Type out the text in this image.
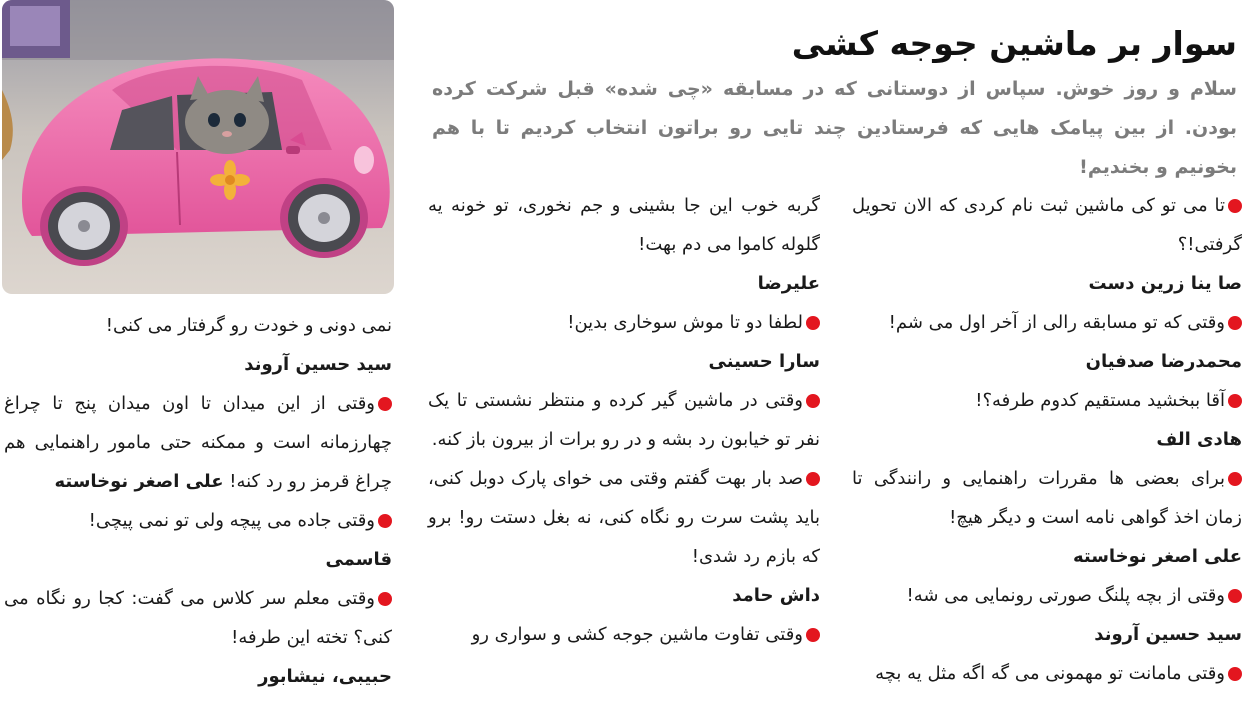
سوار بر ماشین جوجه کشی
سلام و روز خوش. سپاس از دوستانی که در مسابقه «چی شده» قبل شرکت کرده بودن. از بین پیامک هایی که فرستادین چند تایی رو براتون انتخاب کردیم تا با هم بخونیم و بخندیم!

تا می تو کی ماشین ثبت نام کردی که الان تحویل گرفتی!؟

صا ینا زرین دست

وقتی که تو مسابقه رالی از آخر اول می شم!

محمدرضا صدفیان

آقا ببخشید مستقیم کدوم طرفه؟!

هادی الف

برای بعضی ها مقررات راهنمایی و رانندگی تا زمان اخذ گواهی نامه است و دیگر هیچ!

علی اصغر نوخاسته

وقتی از بچه پلنگ صورتی رونمایی می شه!

سید حسین آروند

وقتی مامانت تو مهمونی می گه اگه مثل یه بچه

گربه خوب این جا بشینی و جم نخوری، تو خونه یه گلوله کاموا می دم بهت!

علیرضا

لطفا دو تا موش سوخاری بدین!

سارا حسینی

وقتی در ماشین گیر کرده و منتظر نشستی تا یک نفر تو خیابون رد بشه و در رو برات از بیرون باز کنه.

صد بار بهت گفتم وقتی می خوای پارک دوبل کنی، باید پشت سرت رو نگاه کنی، نه بغل دستت رو! برو که بازم رد شدی!

داش حامد

وقتی تفاوت ماشین جوجه کشی و سواری رو

نمی دونی و خودت رو گرفتار می کنی!

سید حسین آروند

وقتی از این میدان تا اون میدان پنج تا چراغ چهارزمانه است و ممکنه حتی مامور راهنمایی هم چراغ قرمز رو رد کنه! علی اصغر نوخاسته

وقتی جاده می پیچه ولی تو نمی پیچی!

قاسمی

وقتی معلم سر کلاس می گفت: کجا رو نگاه می کنی؟ تخته این طرفه!

حبیبی، نیشابور
